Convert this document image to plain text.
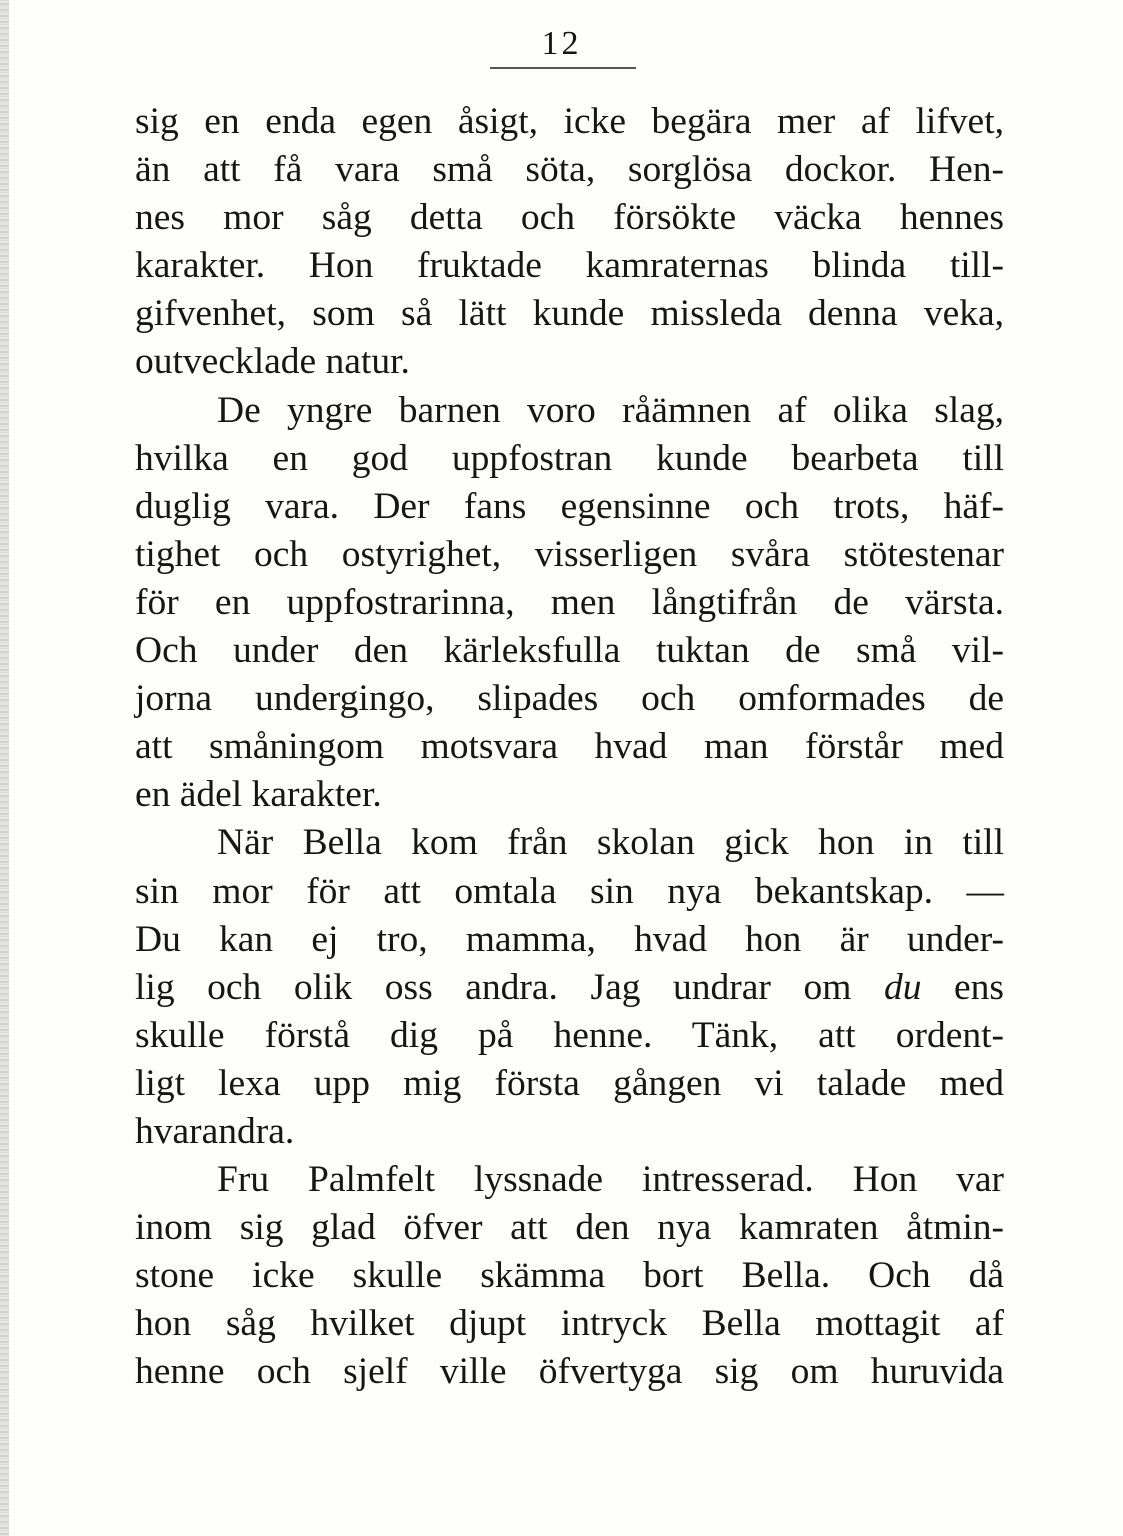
12
sig en enda egen åsigt, icke begära mer af lifvet,
än att få vara små söta, sorglösa dockor. Hen-
nes mor såg detta och försökte väcka hennes
karakter. Hon fruktade kamraternas blinda till-
gifvenhet, som så lätt kunde missleda denna veka,
outvecklade natur.
De yngre barnen voro råämnen af olika slag,
hvilka en god uppfostran kunde bearbeta till
duglig vara. Der fans egensinne och trots, häf-
tighet och ostyrighet, visserligen svåra stötestenar
för en uppfostrarinna, men långtifrån de värsta.
Och under den kärleksfulla tuktan de små vil-
jorna undergingo, slipades och omformades de
att småningom motsvara hvad man förstår med
en ädel karakter.
När Bella kom från skolan gick hon in till
sin mor för att omtala sin nya bekantskap. —
Du kan ej tro, mamma, hvad hon är under-
lig och olik oss andra. Jag undrar om du ens
skulle förstå dig på henne. Tänk, att ordent-
ligt lexa upp mig första gången vi talade med
hvarandra.
Fru Palmfelt lyssnade intresserad. Hon var
inom sig glad öfver att den nya kamraten åtmin-
stone icke skulle skämma bort Bella. Och då
hon såg hvilket djupt intryck Bella mottagit af
henne och sjelf ville öfvertyga sig om huruvida
